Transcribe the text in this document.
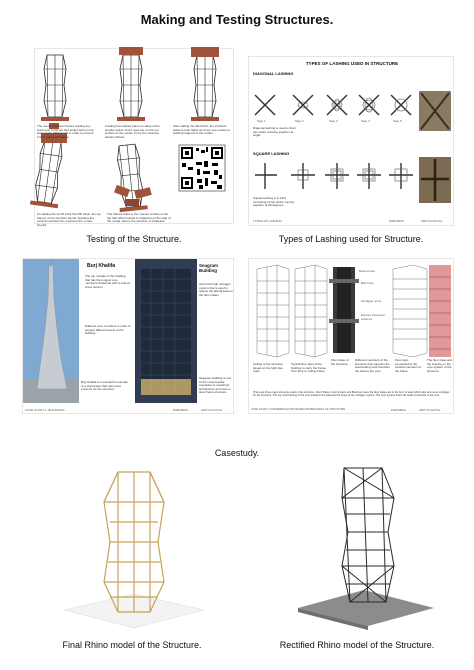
Making and Testing Structures.
The overall Structure before loading any load upon it and we had tested start on the sides of the MDF board in order to prevent it from going off balance.
Loading has started place on sides of the wooden plank. Point rows are on the top surface of the model. It's by the structure stands without.
After adding the third brick, the structure starts to lean Sides as of top one reduce to holding happens to the model.
On adding the fourth brick the fifth block, the top frames of the structure bends, deciding the vertical members the exertions the comes should.
The frames listed to the uneven surface of the top that which results in collapsing of the side of the model. Hence the structure is collapsed.
Testing of the Structure.
TYPES OF LASHING USED IN STRUCTURE
DIAGONAL LASHING
SQUARE LASHING
Step 1	Step 2	Step 3	Step 4	Step 5
Diagonal lashing is used to bind two sticks crossing together at angle.
Square lashing is to bind consisting of two sticks coming together at 90 degrees.
TYPES OF LASHING	PHROBOS	ADITYA GOYAL
Types of Lashing used for Structure.
Burj Khalifa	Seagram Building
The top module of the building that has the longest core members thickened with a column cross section.
Different core members in order to support different levels of the building.
Burj Khalifa is a wonderful example of a skyscraper that uses core columns for the structure.
One level high outrigger system that is used to reduce the lateral load on the floor plates.
Seagram building is one of the most popular examples of modernist architecture and uses a steel frame structure.
CASE STUDY 1: BUILDINGS	PHROBOS	ADITYA GOYAL
Braced core
Belt truss
Outrigger arms
Exterior structural columns
Ceiling of the structure based on the high-rise truss.
Typical floor plan of the building to carry the forces from floor to ceiling frame.
Floor plate of the structure.
Different members of the structure that supports the load bearing and transfers the load to the core.
Floor plan connected to the vertical members of the frame.
The floor plate and the bracing on the core system of the structure.
There are three major elements used in the structure - Floor Plates, Core System and Bracings. Here the floor plates are in the form of steel which also acts as an outrigger for the structure. The top most framing of the core transfers the load and the brace at the outrigger system. The core system bears the loads connected to the core.
CASE STUDY 2: DIFFERENCE FOR FRAME AND BRACINGS OF STRUCTURE	PHROBOS	ADITYA GOYAL
Casestudy.
Final Rhino model of the Structure.	Rectified Rhino model of the Structure.
